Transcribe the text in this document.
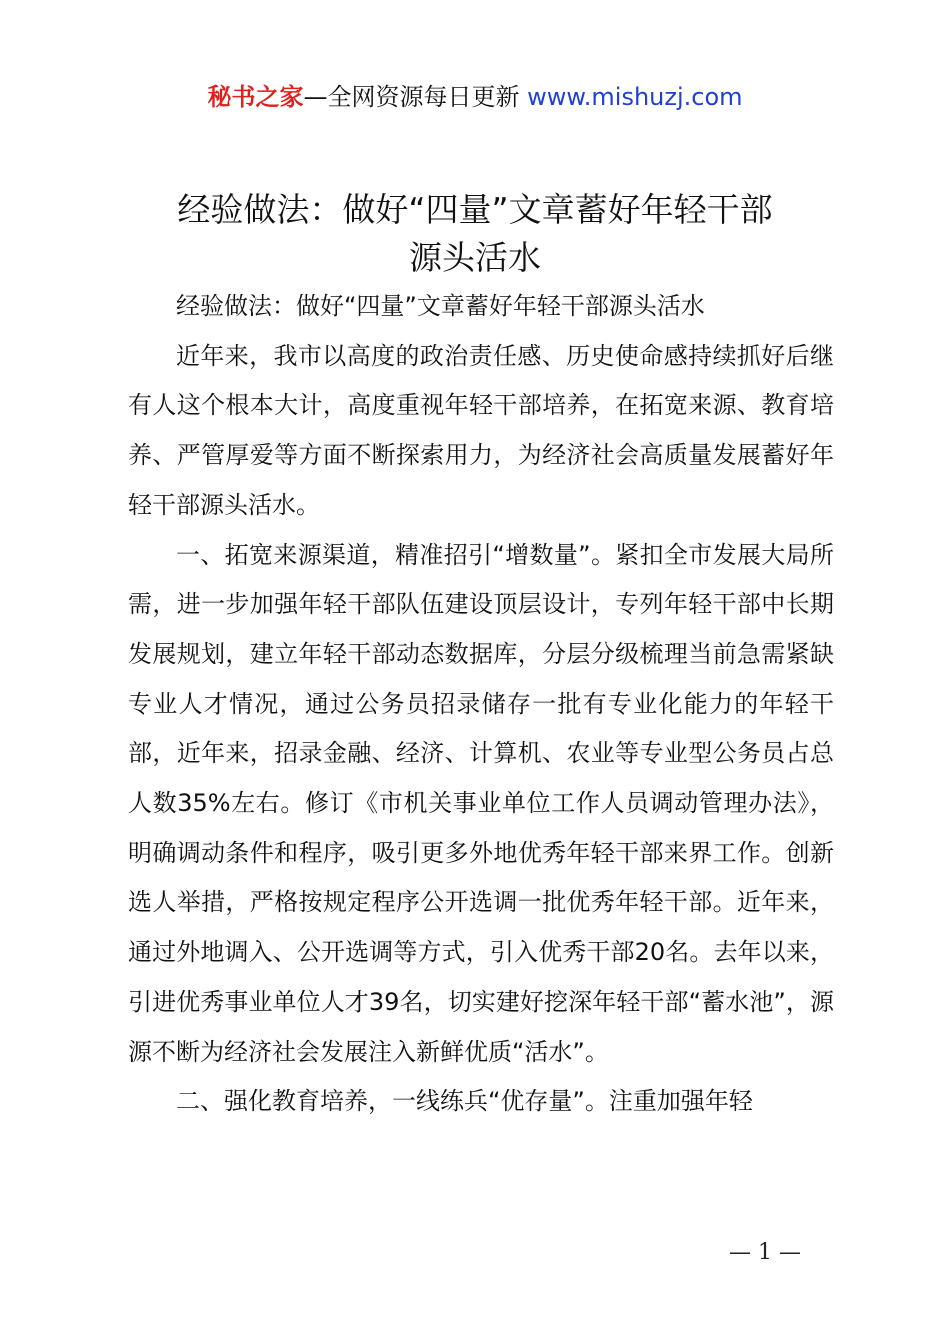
秘书之家—全网资源每日更新 www.mishuzj.com
经验做法：做好“四量”文章蓄好年轻干部
源头活水

经验做法：做好“四量”文章蓄好年轻干部源头活水

近年来，我市以高度的政治责任感、历史使命感持续抓好后继有人这个根本大计，高度重视年轻干部培养，在拓宽来源、教育培养、严管厚爱等方面不断探索用力，为经济社会高质量发展蓄好年轻干部源头活水。

一、拓宽来源渠道，精准招引“增数量”。紧扣全市发展大局所需，进一步加强年轻干部队伍建设顶层设计，专列年轻干部中长期发展规划，建立年轻干部动态数据库，分层分级梳理当前急需紧缺专业人才情况，通过公务员招录储存一批有专业化能力的年轻干部，近年来，招录金融、经济、计算机、农业等专业型公务员占总人数35%左右。修订《市机关事业单位工作人员调动管理办法》，明确调动条件和程序，吸引更多外地优秀年轻干部来界工作。创新选人举措，严格按规定程序公开选调一批优秀年轻干部。近年来，通过外地调入、公开选调等方式，引入优秀干部20名。去年以来，引进优秀事业单位人才39名，切实建好挖深年轻干部“蓄水池”，源源不断为经济社会发展注入新鲜优质“活水”。

二、强化教育培养，一线练兵“优存量”。注重加强年轻

— 1 —
